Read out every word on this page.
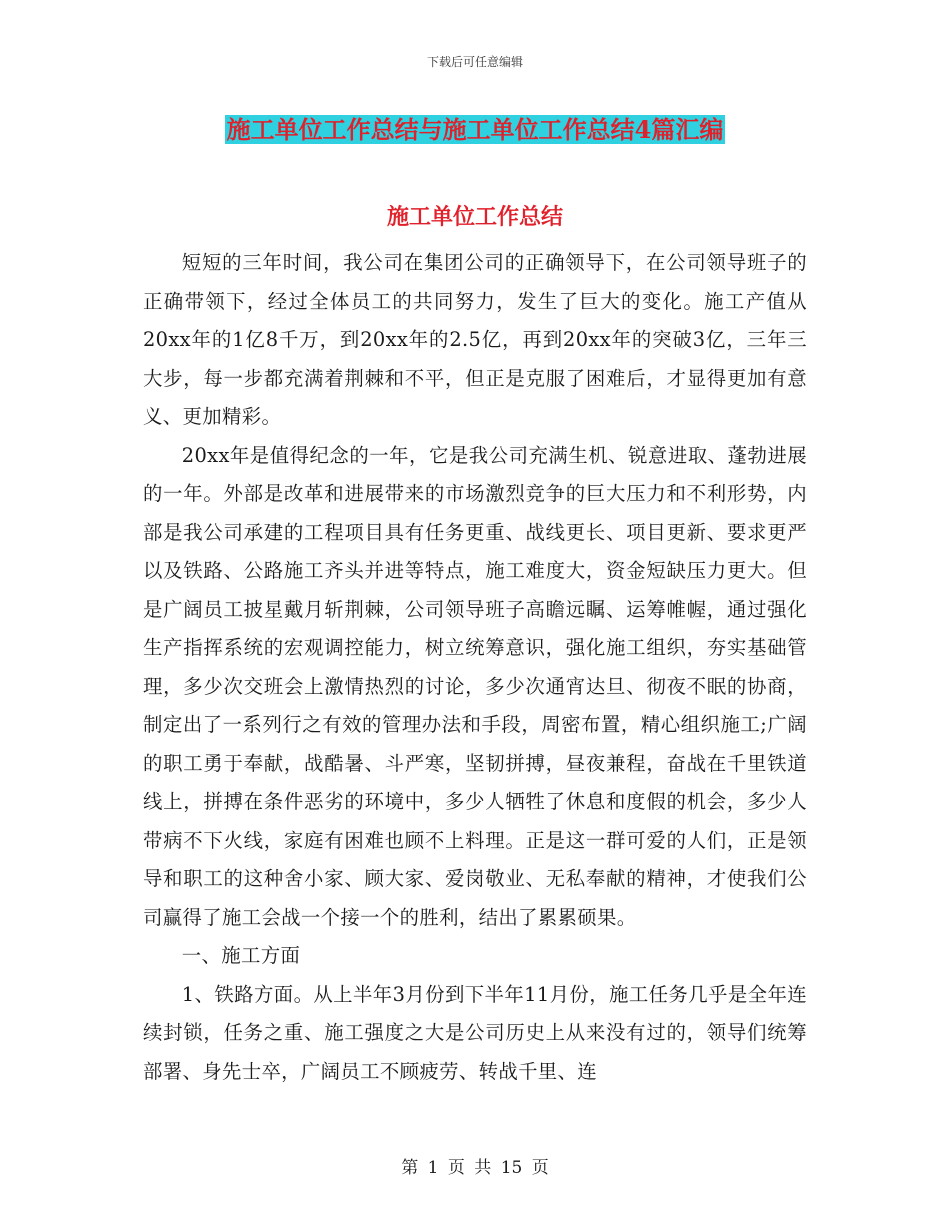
下载后可任意编辑
施工单位工作总结与施工单位工作总结4篇汇编
施工单位工作总结

短短的三年时间，我公司在集团公司的正确领导下，在公司领导班子的正确带领下，经过全体员工的共同努力，发生了巨大的变化。施工产值从20xx年的1亿8千万，到20xx年的2.5亿，再到20xx年的突破3亿，三年三大步，每一步都充满着荆棘和不平，但正是克服了困难后，才显得更加有意义、更加精彩。

20xx年是值得纪念的一年，它是我公司充满生机、锐意进取、蓬勃进展的一年。外部是改革和进展带来的市场激烈竞争的巨大压力和不利形势，内部是我公司承建的工程项目具有任务更重、战线更长、项目更新、要求更严以及铁路、公路施工齐头并进等特点，施工难度大，资金短缺压力更大。但是广阔员工披星戴月斩荆棘，公司领导班子高瞻远瞩、运筹帷幄，通过强化生产指挥系统的宏观调控能力，树立统筹意识，强化施工组织，夯实基础管理，多少次交班会上激情热烈的讨论，多少次通宵达旦、彻夜不眠的协商，制定出了一系列行之有效的管理办法和手段，周密布置，精心组织施工;广阔的职工勇于奉献，战酷暑、斗严寒，坚韧拼搏，昼夜兼程，奋战在千里铁道线上，拼搏在条件恶劣的环境中，多少人牺牲了休息和度假的机会，多少人带病不下火线，家庭有困难也顾不上料理。正是这一群可爱的人们，正是领导和职工的这种舍小家、顾大家、爱岗敬业、无私奉献的精神，才使我们公司赢得了施工会战一个接一个的胜利，结出了累累硕果。

一、施工方面

1、铁路方面。从上半年3月份到下半年11月份，施工任务几乎是全年连续封锁，任务之重、施工强度之大是公司历史上从来没有过的，领导们统筹部署、身先士卒，广阔员工不顾疲劳、转战千里、连

第 1 页 共 15 页
